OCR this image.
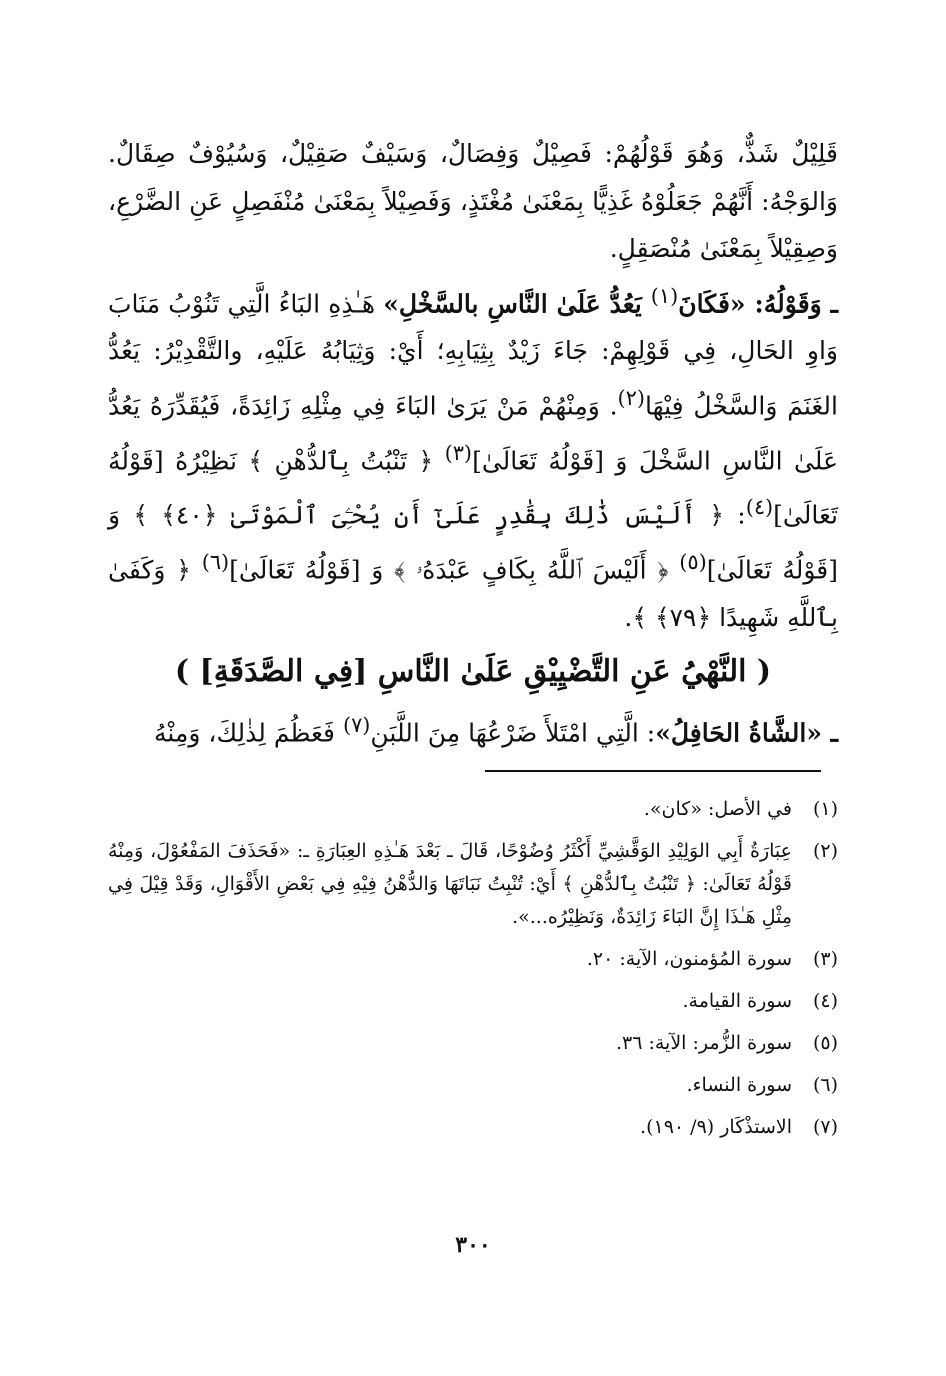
قَلِيْلٌ شَذٌّ، وَهُوَ قَوْلُهُمْ: فَصِيْلٌ وَفِصَالٌ، وَسَيْفٌ صَقِيْلٌ، وَسُيُوْفٌ صِقَالٌ. وَالوَجْهُ: أَنَّهُمْ جَعَلُوْهُ غَذِيًّا بِمَعْنَىٰ مُغْتَذٍ، وَفَصِيْلاً بِمَعْنَىٰ مُنْفَصِلٍ عَنِ الضَّرْعِ، وَصِقِيْلاً بِمَعْنَىٰ مُنْصَقِلٍ.

ـ وَقَوْلُهُ: «فَكَانَ$^{(١)}$ يَعُدُّ عَلَىٰ النَّاسِ بالسَّخْلِ» هَـٰذِهِ البَاءُ الَّتِي تَنُوْبُ مَنَابَ وَاوِ الحَالِ، فِي قَوْلِهِمْ: جَاءَ زَيْدٌ بِثِيَابِهِ؛ أَيْ: وَثِيَابُهُ عَلَيْهِ، والتَّقْدِيْرُ: يَعُدُّ الغَنَمَ وَالسَّخْلُ فِيْهَا$^{(٢)}$. وَمِنْهُمْ مَنْ يَرَىٰ البَاءَ فِي مِثْلِهِ زَائِدَةً، فَيُقَدِّرَهُ يَعُدُّ عَلَىٰ النَّاسِ السَّخْلَ وَ [قَوْلُهُ تَعَالَىٰ]$^{(٣)}$ ﴿ تَنْبُتُ بِٱلدُّهْنِ ﴾ نَظِيْرُهُ [قَوْلُهُ تَعَالَىٰ]$^{(٤)}$: ﴿ أَلَيْسَ ذَٰلِكَ بِقَٰدِرٍ عَلَىٰٓ أَن يُحْـِۧىَ ٱلْمَوْتَىٰ ﴿٤٠﴾ ﴾ وَ [قَوْلُهُ تَعَالَىٰ]$^{(٥)}$ ﴿ أَلَيْسَ ٱللَّهُ بِكَافٍ عَبْدَهُۥ ﴾ وَ [قَوْلُهُ تَعَالَىٰ]$^{(٦)}$ ﴿ وَكَفَىٰ بِٱللَّهِ شَهِيدًا ﴿٧٩﴾ ﴾.

( النَّهْيُ عَنِ التَّضْيِيْقِ عَلَىٰ النَّاسِ [فِي الصَّدَقَةِ] )

ـ «الشَّاةُ الحَافِلُ»: الَّتِي امْتَلأَ ضَرْعُهَا مِنَ اللَّبَنِ$^{(٧)}$ فَعَظُمَ لِذٰلِكَ، وَمِنْهُ

(١)
في الأصل: «كان».
(٢)
عِبَارَةُ أَبِي الوَلِيْدِ الوَقَّشِيِّ أَكْثَرُ وُضُوْحًا، قَالَ ـ بَعْدَ هَـٰذِهِ العِبَارَةِ ـ: «فَحَذَفَ المَفْعُوْلَ، وَمِنْهُ قَوْلُهُ تَعَالَىٰ: ﴿ تَنْبُتُ بِٱلدُّهْنِ ﴾ أَيْ: تُنْبِتُ نَبَاتَهَا وَالدُّهْنُ فِيْهِ فِي بَعْضِ الأَقْوَالِ، وَقَدْ قِيْلَ فِي مِثْلِ هَـٰذَا إِنَّ البَاءَ زَائِدَةٌ، وَنَظِيْرُه...».
(٣)
سورة المُؤمنون، الآية: ٢٠.
(٤)
سورة القيامة.
(٥)
سورة الزُّمر: الآية: ٣٦.
(٦)
سورة النساء.
(٧)
الاستذْكَار (٩/ ١٩٠).
٣٠٠
